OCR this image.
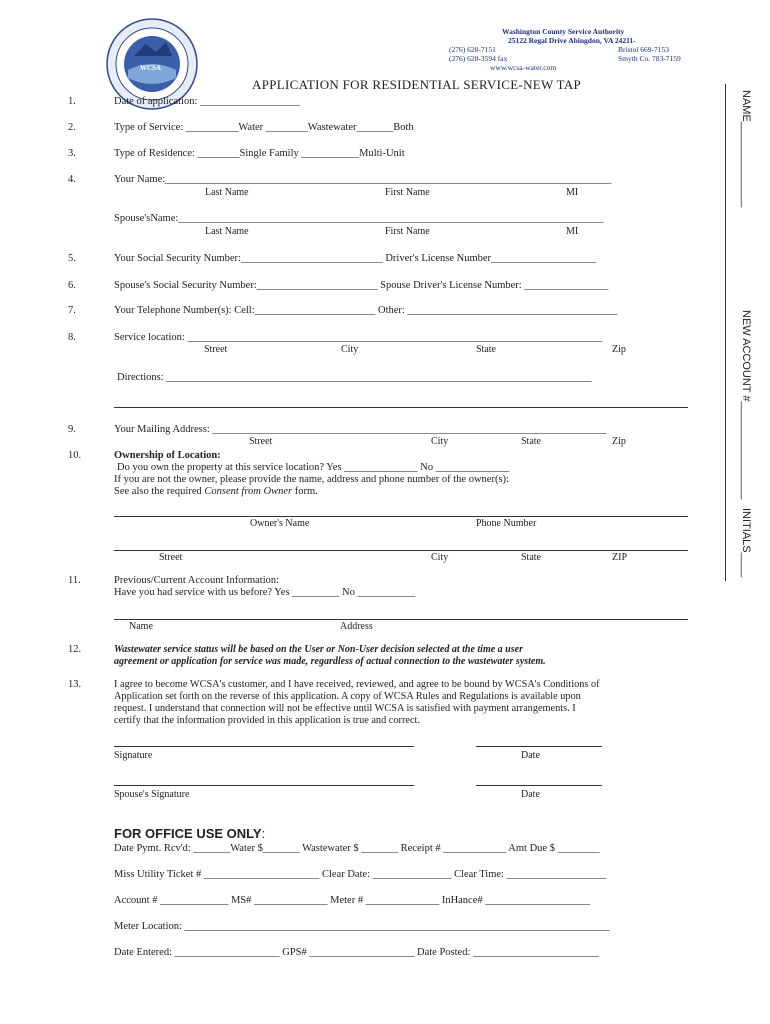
WCSA
Washington County Service Authority
25122 Regal Drive Abingdon, VA 24211-
(276) 628-7151	Bristol 669-7153
(276) 628-3594 fax	Smyth Co. 783-7159
www.wcsa-water.com
APPLICATION FOR RESIDENTIAL SERVICE-NEW TAP
NAME______________
NEW ACCOUNT #________________
INITIALS____
1.	Date of application: ___________________
2.	Type of Service: __________Water ________Wastewater_______Both
3.	Type of Residence: ________Single Family ___________Multi-Unit
4.	Your Name:_____________________________________________________________________________________
Last Name	First Name	MI
Spouse'sName:_________________________________________________________________________________
Last Name	First Name	MI
5.	Your Social Security Number:___________________________ Driver's License Number____________________
6.	Spouse's Social Security Number:_______________________ Spouse Driver's License Number: ________________
7.	Your Telephone Number(s): Cell:_______________________ Other: ________________________________________
8.	Service location: _______________________________________________________________________________
Street	City	State	Zip
Directions: _________________________________________________________________________________
9.	Your Mailing Address: ___________________________________________________________________________
Street	City	State	Zip
10.	Ownership of Location:
Do you own the property at this service location? Yes ______________ No ______________
If you are not the owner, please provide the name, address and phone number of the owner(s):
See also the required Consent from Owner form.
Owner's Name	Phone Number
Street	City	State	ZIP
11.	Previous/Current Account Information:
Have you had service with us before? Yes _________ No ___________
Name	Address
12.	Wastewater service status will be based on the User or Non-User decision selected at the time a user
agreement or application for service was made, regardless of actual connection to the wastewater system.
13.	I agree to become WCSA's customer, and I have received, reviewed, and agree to be bound by WCSA's Conditions of
Application set forth on the reverse of this application. A copy of WCSA Rules and Regulations is available upon
request. I understand that connection will not be effective until WCSA is satisfied with payment arrangements. I
certify that the information provided in this application is true and correct.
Signature	Date
Spouse's Signature	Date
FOR OFFICE USE ONLY:
Date Pymt. Rcv'd: _______Water $_______ Wastewater $ _______ Receipt # ____________ Amt Due $ ________
Miss Utility Ticket # ______________________ Clear Date: _______________ Clear Time: ___________________
Account # _____________ MS# ______________ Meter # ______________ InHance# ____________________
Meter Location: _________________________________________________________________________________
Date Entered: ____________________ GPS# ____________________ Date Posted: ________________________
